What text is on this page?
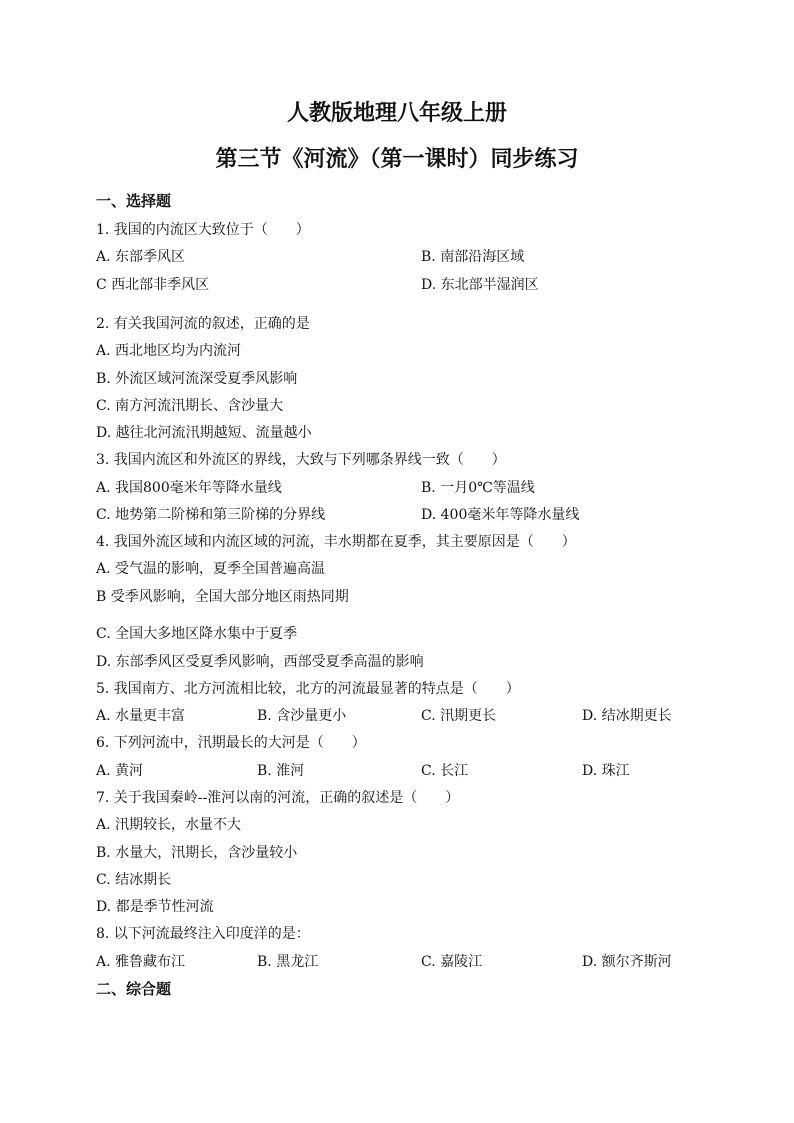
人教版地理八年级上册
第三节《河流》（第一课时）同步练习
一、选择题
1. 我国的内流区大致位于（　　）
A. 东部季风区	B. 南部沿海区域
C 西北部非季风区	D. 东北部半湿润区
2. 有关我国河流的叙述，正确的是
A. 西北地区均为内流河
B. 外流区域河流深受夏季风影响
C. 南方河流汛期长、含沙量大
D. 越往北河流汛期越短、流量越小
3. 我国内流区和外流区的界线，大致与下列哪条界线一致（　　）
A. 我国800毫米年等降水量线	B. 一月0℃等温线
C. 地势第二阶梯和第三阶梯的分界线	D. 400毫米年等降水量线
4. 我国外流区域和内流区域的河流，丰水期都在夏季，其主要原因是（　　）
A. 受气温的影响，夏季全国普遍高温
B 受季风影响，全国大部分地区雨热同期
C. 全国大多地区降水集中于夏季
D. 东部季风区受夏季风影响，西部受夏季高温的影响
5. 我国南方、北方河流相比较，北方的河流最显著的特点是（　　）
A. 水量更丰富	B. 含沙量更小	C. 汛期更长	D. 结冰期更长
6. 下列河流中，汛期最长的大河是（　　）
A. 黄河	B. 淮河	C. 长江	D. 珠江
7. 关于我国秦岭--淮河以南的河流，正确的叙述是（　　）
A. 汛期较长，水量不大
B. 水量大，汛期长，含沙量较小
C. 结冰期长
D. 都是季节性河流
8. 以下河流最终注入印度洋的是：
A. 雅鲁藏布江	B. 黑龙江	C. 嘉陵江	D. 额尔齐斯河
二、综合题
